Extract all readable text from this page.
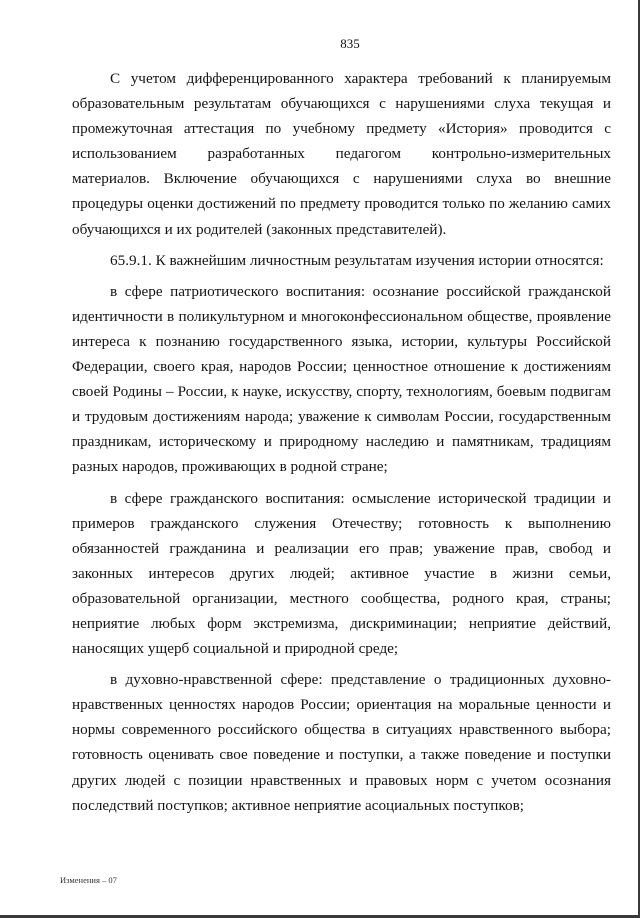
835

С учетом дифференцированного характера требований к планируемым образовательным результатам обучающихся с нарушениями слуха текущая и промежуточная аттестация по учебному предмету «История» проводится с использованием разработанных педагогом контрольно-измерительных материалов. Включение обучающихся с нарушениями слуха во внешние процедуры оценки достижений по предмету проводится только по желанию самих обучающихся и их родителей (законных представителей).

65.9.1. К важнейшим личностным результатам изучения истории относятся:

в сфере патриотического воспитания: осознание российской гражданской идентичности в поликультурном и многоконфессиональном обществе, проявление интереса к познанию государственного языка, истории, культуры Российской Федерации, своего края, народов России; ценностное отношение к достижениям своей Родины – России, к науке, искусству, спорту, технологиям, боевым подвигам и трудовым достижениям народа; уважение к символам России, государственным праздникам, историческому и природному наследию и памятникам, традициям разных народов, проживающих в родной стране;

в сфере гражданского воспитания: осмысление исторической традиции и примеров гражданского служения Отечеству; готовность к выполнению обязанностей гражданина и реализации его прав; уважение прав, свобод и законных интересов других людей; активное участие в жизни семьи, образовательной организации, местного сообщества, родного края, страны; неприятие любых форм экстремизма, дискриминации; неприятие действий, наносящих ущерб социальной и природной среде;

в духовно-нравственной сфере: представление о традиционных духовно-нравственных ценностях народов России; ориентация на моральные ценности и нормы современного российского общества в ситуациях нравственного выбора; готовность оценивать свое поведение и поступки, а также поведение и поступки других людей с позиции нравственных и правовых норм с учетом осознания последствий поступков; активное неприятие асоциальных поступков;

Изменения – 07
